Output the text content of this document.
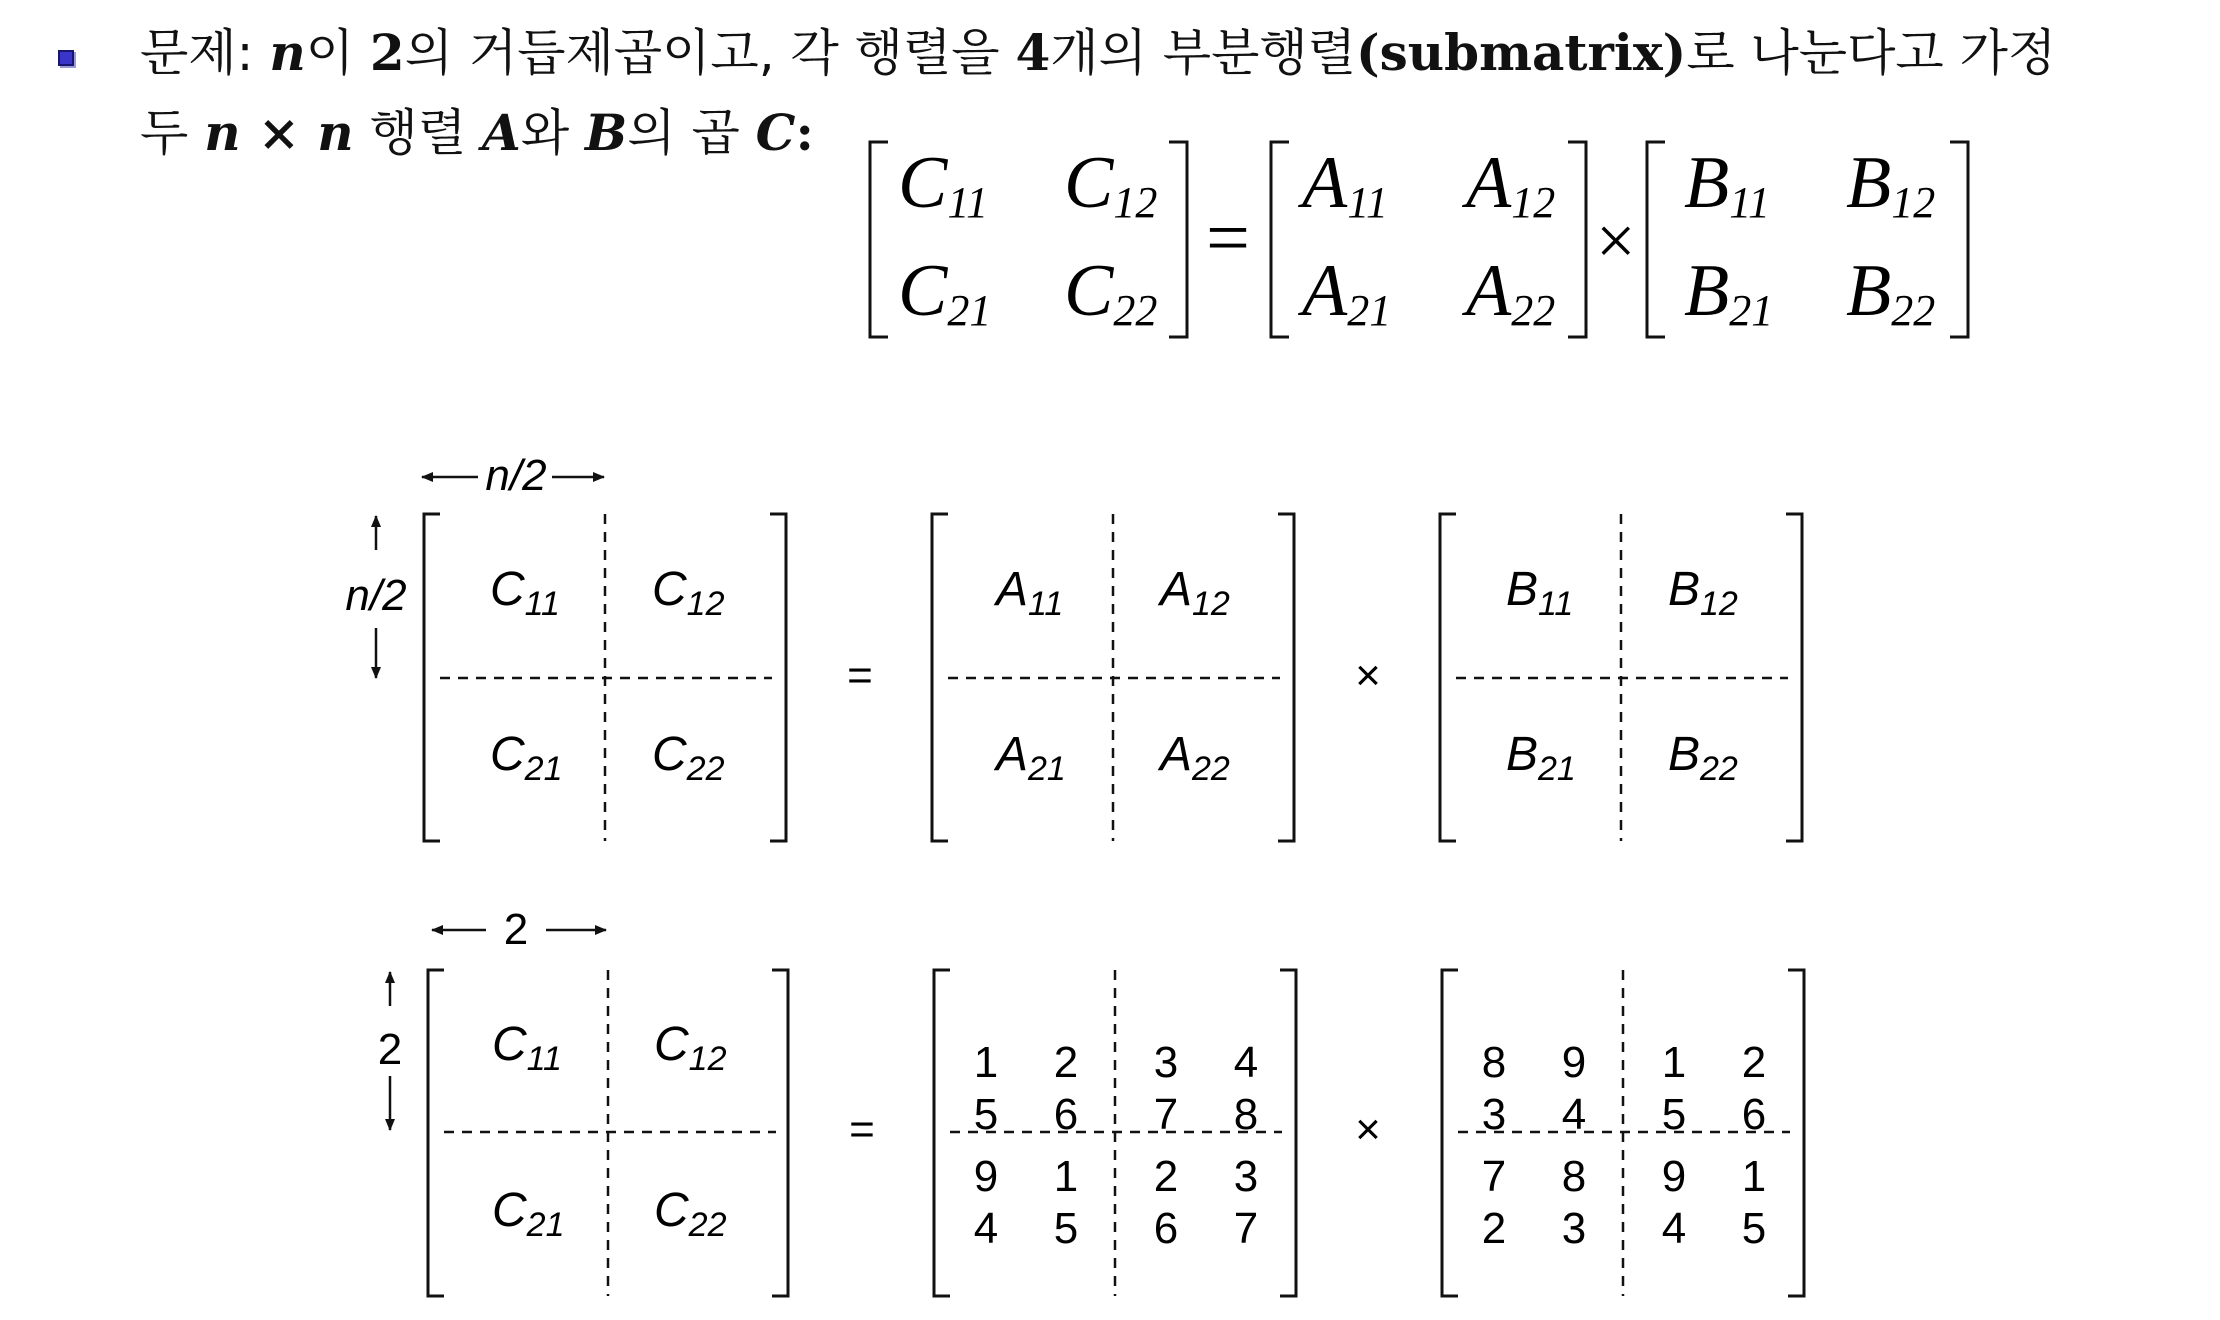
문제: n이 2의 거듭제곱이고, 각 행렬을 4개의 부분행렬(submatrix)로 나눈다고 가정
두 n × n 행렬 A와 B의 곱 C:
C11 C12
C21 C22
=
A11 A12
A21 A22
×
B11 B12
B21 B22
n/2
n/2 $C_{11}$ $C_{12}$
$C_{21}$ $C_{22}$
=
$A_{11}$ $A_{12}$
$A_{21}$ $A_{22}$
×
$B_{11}$ $B_{12}$
$B_{21}$ $B_{22}$
2
2 $C_{11}$ $C_{12}$
$C_{21}$ $C_{22}$
=	×
1 2 3 4
5 6 7 8
9 1 2 3
4 5 6 7
8 9 1 2
3 4 5 6
7 8 9 1
2 3 4 5
